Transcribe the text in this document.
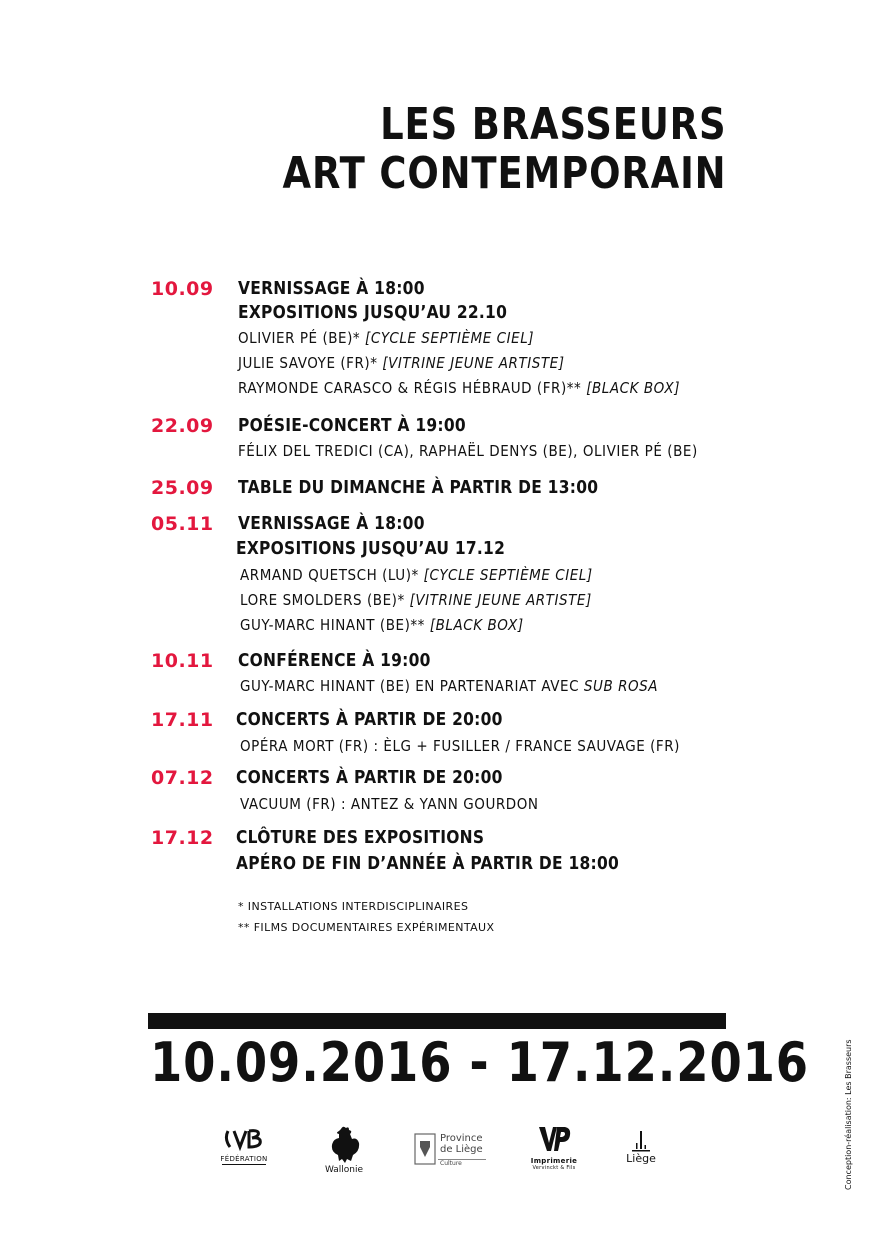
LES BRASSEURS
ART CONTEMPORAIN
10.09 VERNISSAGE À 18:00
EXPOSITIONS JUSQU’AU 22.10
OLIVIER PÉ (BE)* [CYCLE SEPTIÈME CIEL]
JULIE SAVOYE (FR)* [VITRINE JEUNE ARTISTE]
RAYMONDE CARASCO & RÉGIS HÉBRAUD (FR)** [BLACK BOX]
22.09 POÉSIE-CONCERT À 19:00
FÉLIX DEL TREDICI (CA), RAPHAËL DENYS (BE), OLIVIER PÉ (BE)
25.09 TABLE DU DIMANCHE À PARTIR DE 13:00
05.11 VERNISSAGE À 18:00
EXPOSITIONS JUSQU’AU 17.12
ARMAND QUETSCH (LU)* [CYCLE SEPTIÈME CIEL]
LORE SMOLDERS (BE)* [VITRINE JEUNE ARTISTE]
GUY-MARC HINANT (BE)** [BLACK BOX]
10.11 CONFÉRENCE À 19:00
GUY-MARC HINANT (BE) EN PARTENARIAT AVEC SUB ROSA
17.11 CONCERTS À PARTIR DE 20:00
OPÉRA MORT (FR) : ÈLG + FUSILLER / FRANCE SAUVAGE (FR)
07.12 CONCERTS À PARTIR DE 20:00
VACUUM (FR) : ANTEZ & YANN GOURDON
17.12 CLÔTURE DES EXPOSITIONS
APÉRO DE FIN D’ANNÉE À PARTIR DE 18:00
* INSTALLATIONS INTERDISCIPLINAIRES
** FILMS DOCUMENTAIRES EXPÉRIMENTAUX
10.09.2016 - 17.12.2016
FÉDÉRATION
Wallonie
Province
de Liège
Culture	Imprimerie
Vervinckt & Fils
Liège	Conception-réalisation: Les Brasseurs
